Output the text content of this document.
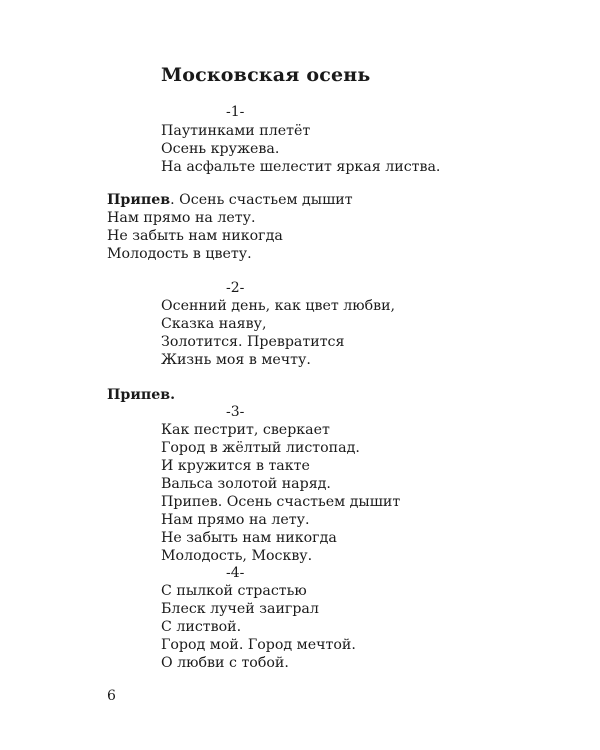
Московская осень
-1-
Паутинками плетёт
Осень кружева.
На асфальте шелестит яркая листва.
Припев. Осень счастьем дышит
Нам прямо на лету.
Не забыть нам никогда
Молодость в цвету.
-2-
Осенний день, как цвет любви,
Сказка наяву,
Золотится. Превратится
Жизнь моя в мечту.
Припев.
-3-
Как пестрит, сверкает
Город в жёлтый листопад.
И кружится в такте
Вальса золотой наряд.
Припев. Осень счастьем дышит
Нам прямо на лету.
Не забыть нам никогда
Молодость, Москву.
-4-
С пылкой страстью
Блеск лучей заиграл
С листвой.
Город мой. Город мечтой.
О любви с тобой.
6
